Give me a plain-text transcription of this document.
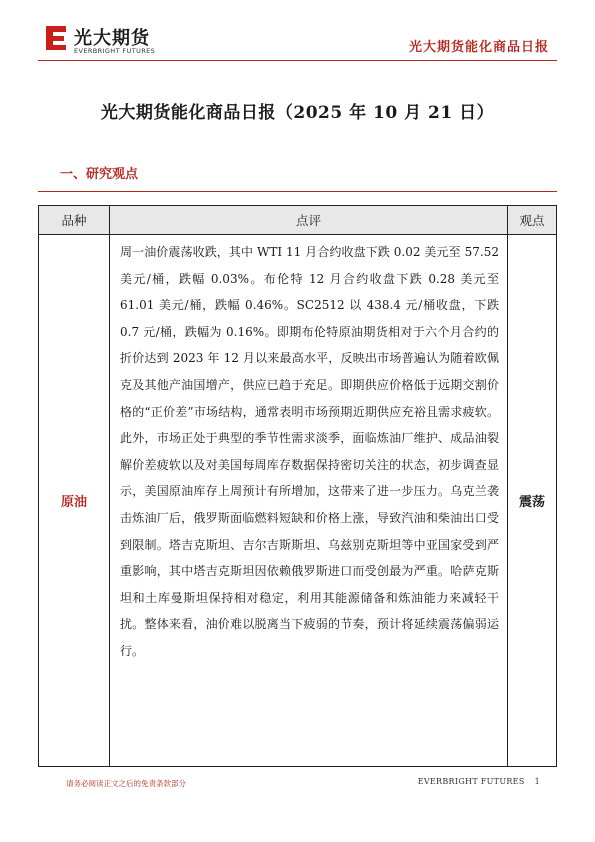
光大期货
EVERBRIGHT FUTURES	光大期货能化商品日报
光大期货能化商品日报（2025 年 10 月 21 日）
一、研究观点
品种	点评	观点
原油	周一油价震荡收跌，其中 WTI 11 月合约收盘下跌 0.02 美元至 57.52 美元/桶，跌幅 0.03%。布伦特 12 月合约收盘下跌 0.28 美元至 61.01 美元/桶，跌幅 0.46%。SC2512 以 438.4 元/桶收盘，下跌 0.7 元/桶，跌幅为 0.16%。即期布伦特原油期货相对于六个月合约的折价达到 2023 年 12 月以来最高水平，反映出市场普遍认为随着欧佩克及其他产油国增产，供应已趋于充足。即期供应价格低于远期交割价格的“正价差”市场结构，通常表明市场预期近期供应充裕且需求疲软。此外，市场正处于典型的季节性需求淡季，面临炼油厂维护、成品油裂解价差疲软以及对美国每周库存数据保持密切关注的状态，初步调查显示，美国原油库存上周预计有所增加，这带来了进一步压力。乌克兰袭击炼油厂后，俄罗斯面临燃料短缺和价格上涨，导致汽油和柴油出口受到限制。塔吉克斯坦、吉尔吉斯斯坦、乌兹别克斯坦等中亚国家受到严重影响，其中塔吉克斯坦因依赖俄罗斯进口而受创最为严重。哈萨克斯坦和土库曼斯坦保持相对稳定，利用其能源储备和炼油能力来减轻干扰。整体来看，油价难以脱离当下疲弱的节奏，预计将延续震荡偏弱运行。	震荡
请务必阅读正文之后的免责条款部分	EVERBRIGHT FUTURES 1
